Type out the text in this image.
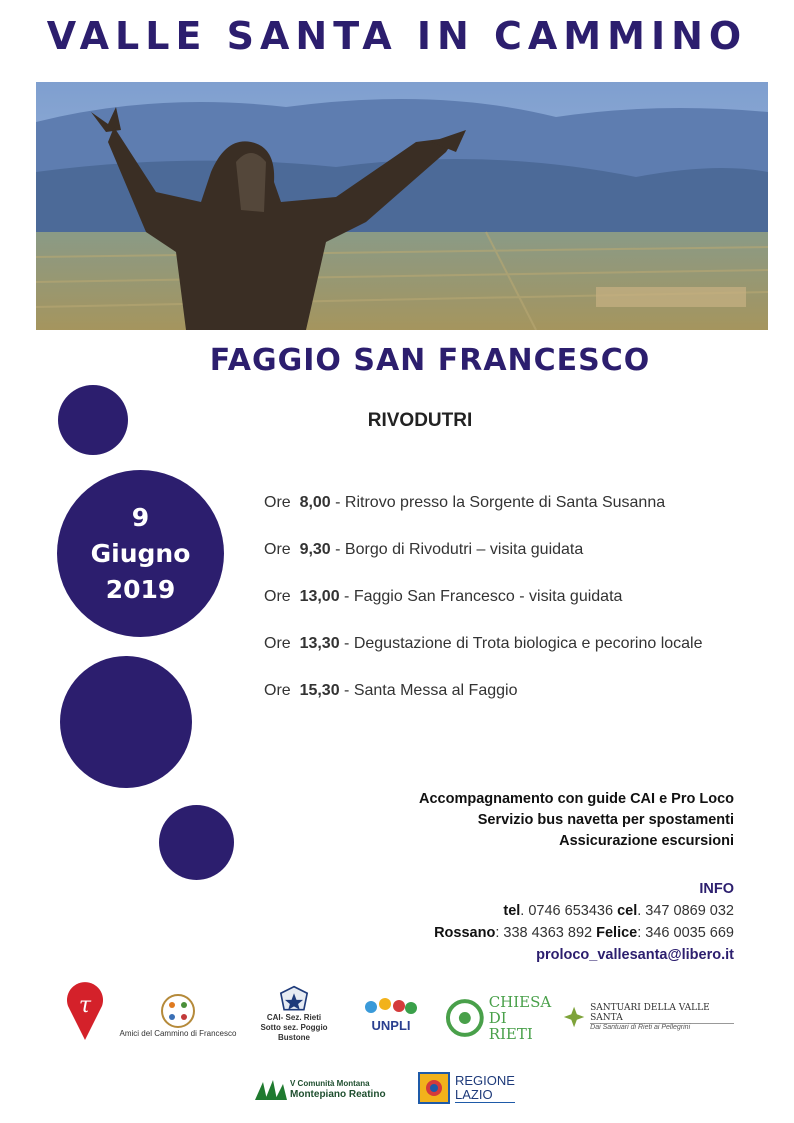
VALLE SANTA IN CAMMINO
FAGGIO SAN FRANCESCO
RIVODUTRI
9
Giugno
2019
Ore 8,00 - Ritrovo presso la Sorgente di Santa Susanna
Ore 9,30 - Borgo di Rivodutri – visita guidata
Ore 13,00 - Faggio San Francesco - visita guidata
Ore 13,30 - Degustazione di Trota biologica e pecorino locale
Ore 15,30 - Santa Messa al Faggio
Accompagnamento con guide CAI e Pro Loco
Servizio bus navetta per spostamenti
Assicurazione escursioni
INFO
tel. 0746 653436 cel. 347 0869 032
Rossano: 338 4363 892 Felice: 346 0035 669
proloco_vallesanta@libero.it
τ
Amici del Cammino di Francesco
CAI- Sez. Rieti
Sotto sez. Poggio Bustone
UNPLI
CHIESA
DI RIETI
SANTUARI DELLA VALLE SANTA
Dai Santuari di Rieti ai Pellegrini
V Comunità Montana
Montepiano Reatino
REGIONE
LAZIO
